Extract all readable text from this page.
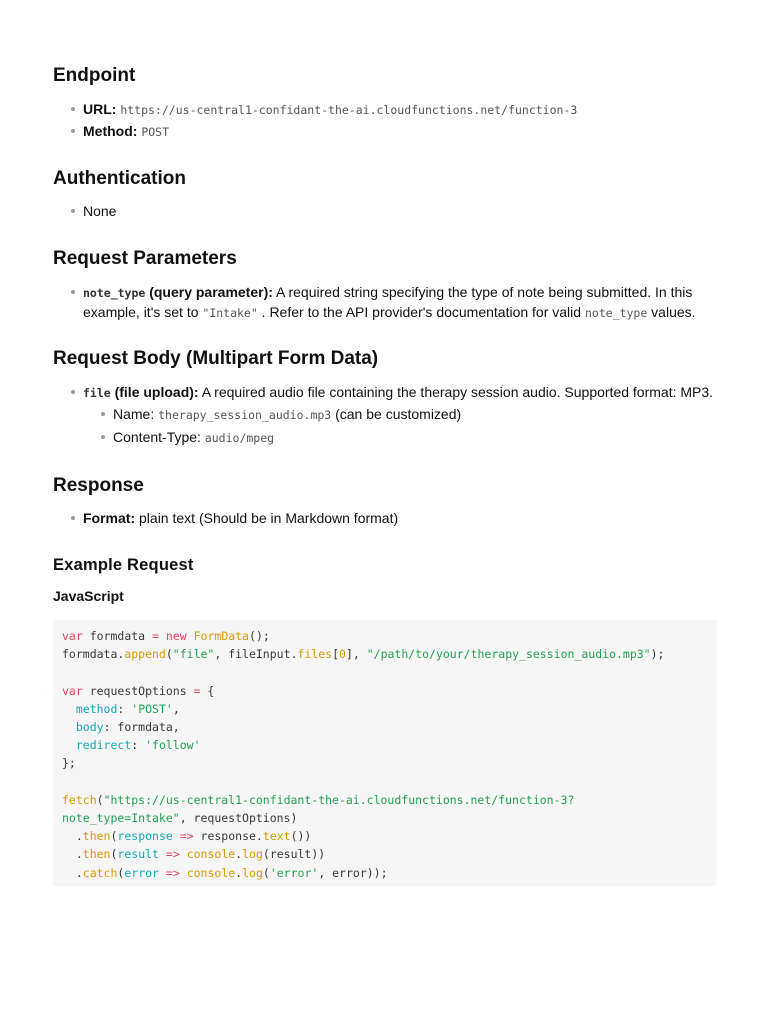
Endpoint
URL: https://us-central1-confidant-the-ai.cloudfunctions.net/function-3
Method: POST
Authentication
None
Request Parameters
note_type (query parameter): A required string specifying the type of note being submitted. In this
example, it's set to "Intake" . Refer to the API provider's documentation for valid note_type values.
Request Body (Multipart Form Data)
file (file upload): A required audio file containing the therapy session audio. Supported format: MP3.
Name: therapy_session_audio.mp3 (can be customized)
Content-Type: audio/mpeg
Response
Format: plain text (Should be in Markdown format)
Example Request
JavaScript
var formdata = new FormData();
formdata.append("file", fileInput.files[0], "/path/to/your/therapy_session_audio.mp3");
var requestOptions = {
method: 'POST',
body: formdata,
redirect: 'follow'
};
fetch("https://us-central1-confidant-the-ai.cloudfunctions.net/function-3?
note_type=Intake", requestOptions)
.then(response => response.text())
.then(result => console.log(result))
.catch(error => console.log('error', error));
